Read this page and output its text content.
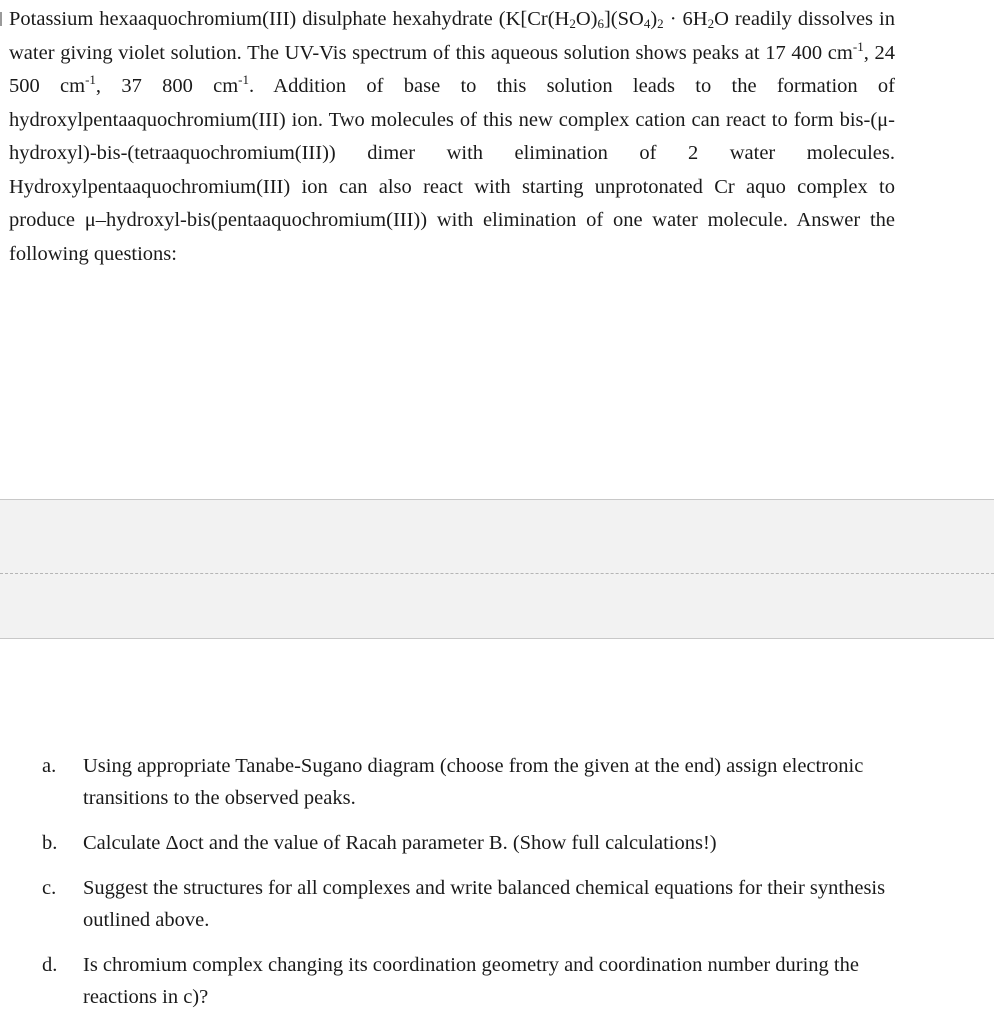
Potassium hexaaquochromium(III) disulphate hexahydrate ($K[Cr(H_2O)_6](SO_4)_2 \cdot 6H_2O$ readily dissolves in water giving violet solution. The UV-Vis spectrum of this aqueous solution shows peaks at 17 400 $cm^{-1}$, 24 500 $cm^{-1}$, 37 800 $cm^{-1}$. Addition of base to this solution leads to the formation of hydroxylpentaaquochromium(III) ion. Two molecules of this new complex cation can react to form bis-(μ-hydroxyl)-bis-(tetraaquochromium(III)) dimer with elimination of 2 water molecules. Hydroxylpentaaquochromium(III) ion can also react with starting unprotonated Cr aquo complex to produce μ–hydroxyl-bis(pentaaquochromium(III)) with elimination of one water molecule. Answer the following questions:

a.	Using appropriate Tanabe-Sugano diagram (choose from the given at the end) assign electronic transitions to the observed peaks.
b.	Calculate Δoct and the value of Racah parameter B. (Show full calculations!)
c.	Suggest the structures for all complexes and write balanced chemical equations for their synthesis outlined above.
d.	Is chromium complex changing its coordination geometry and coordination number during the reactions in c)?
